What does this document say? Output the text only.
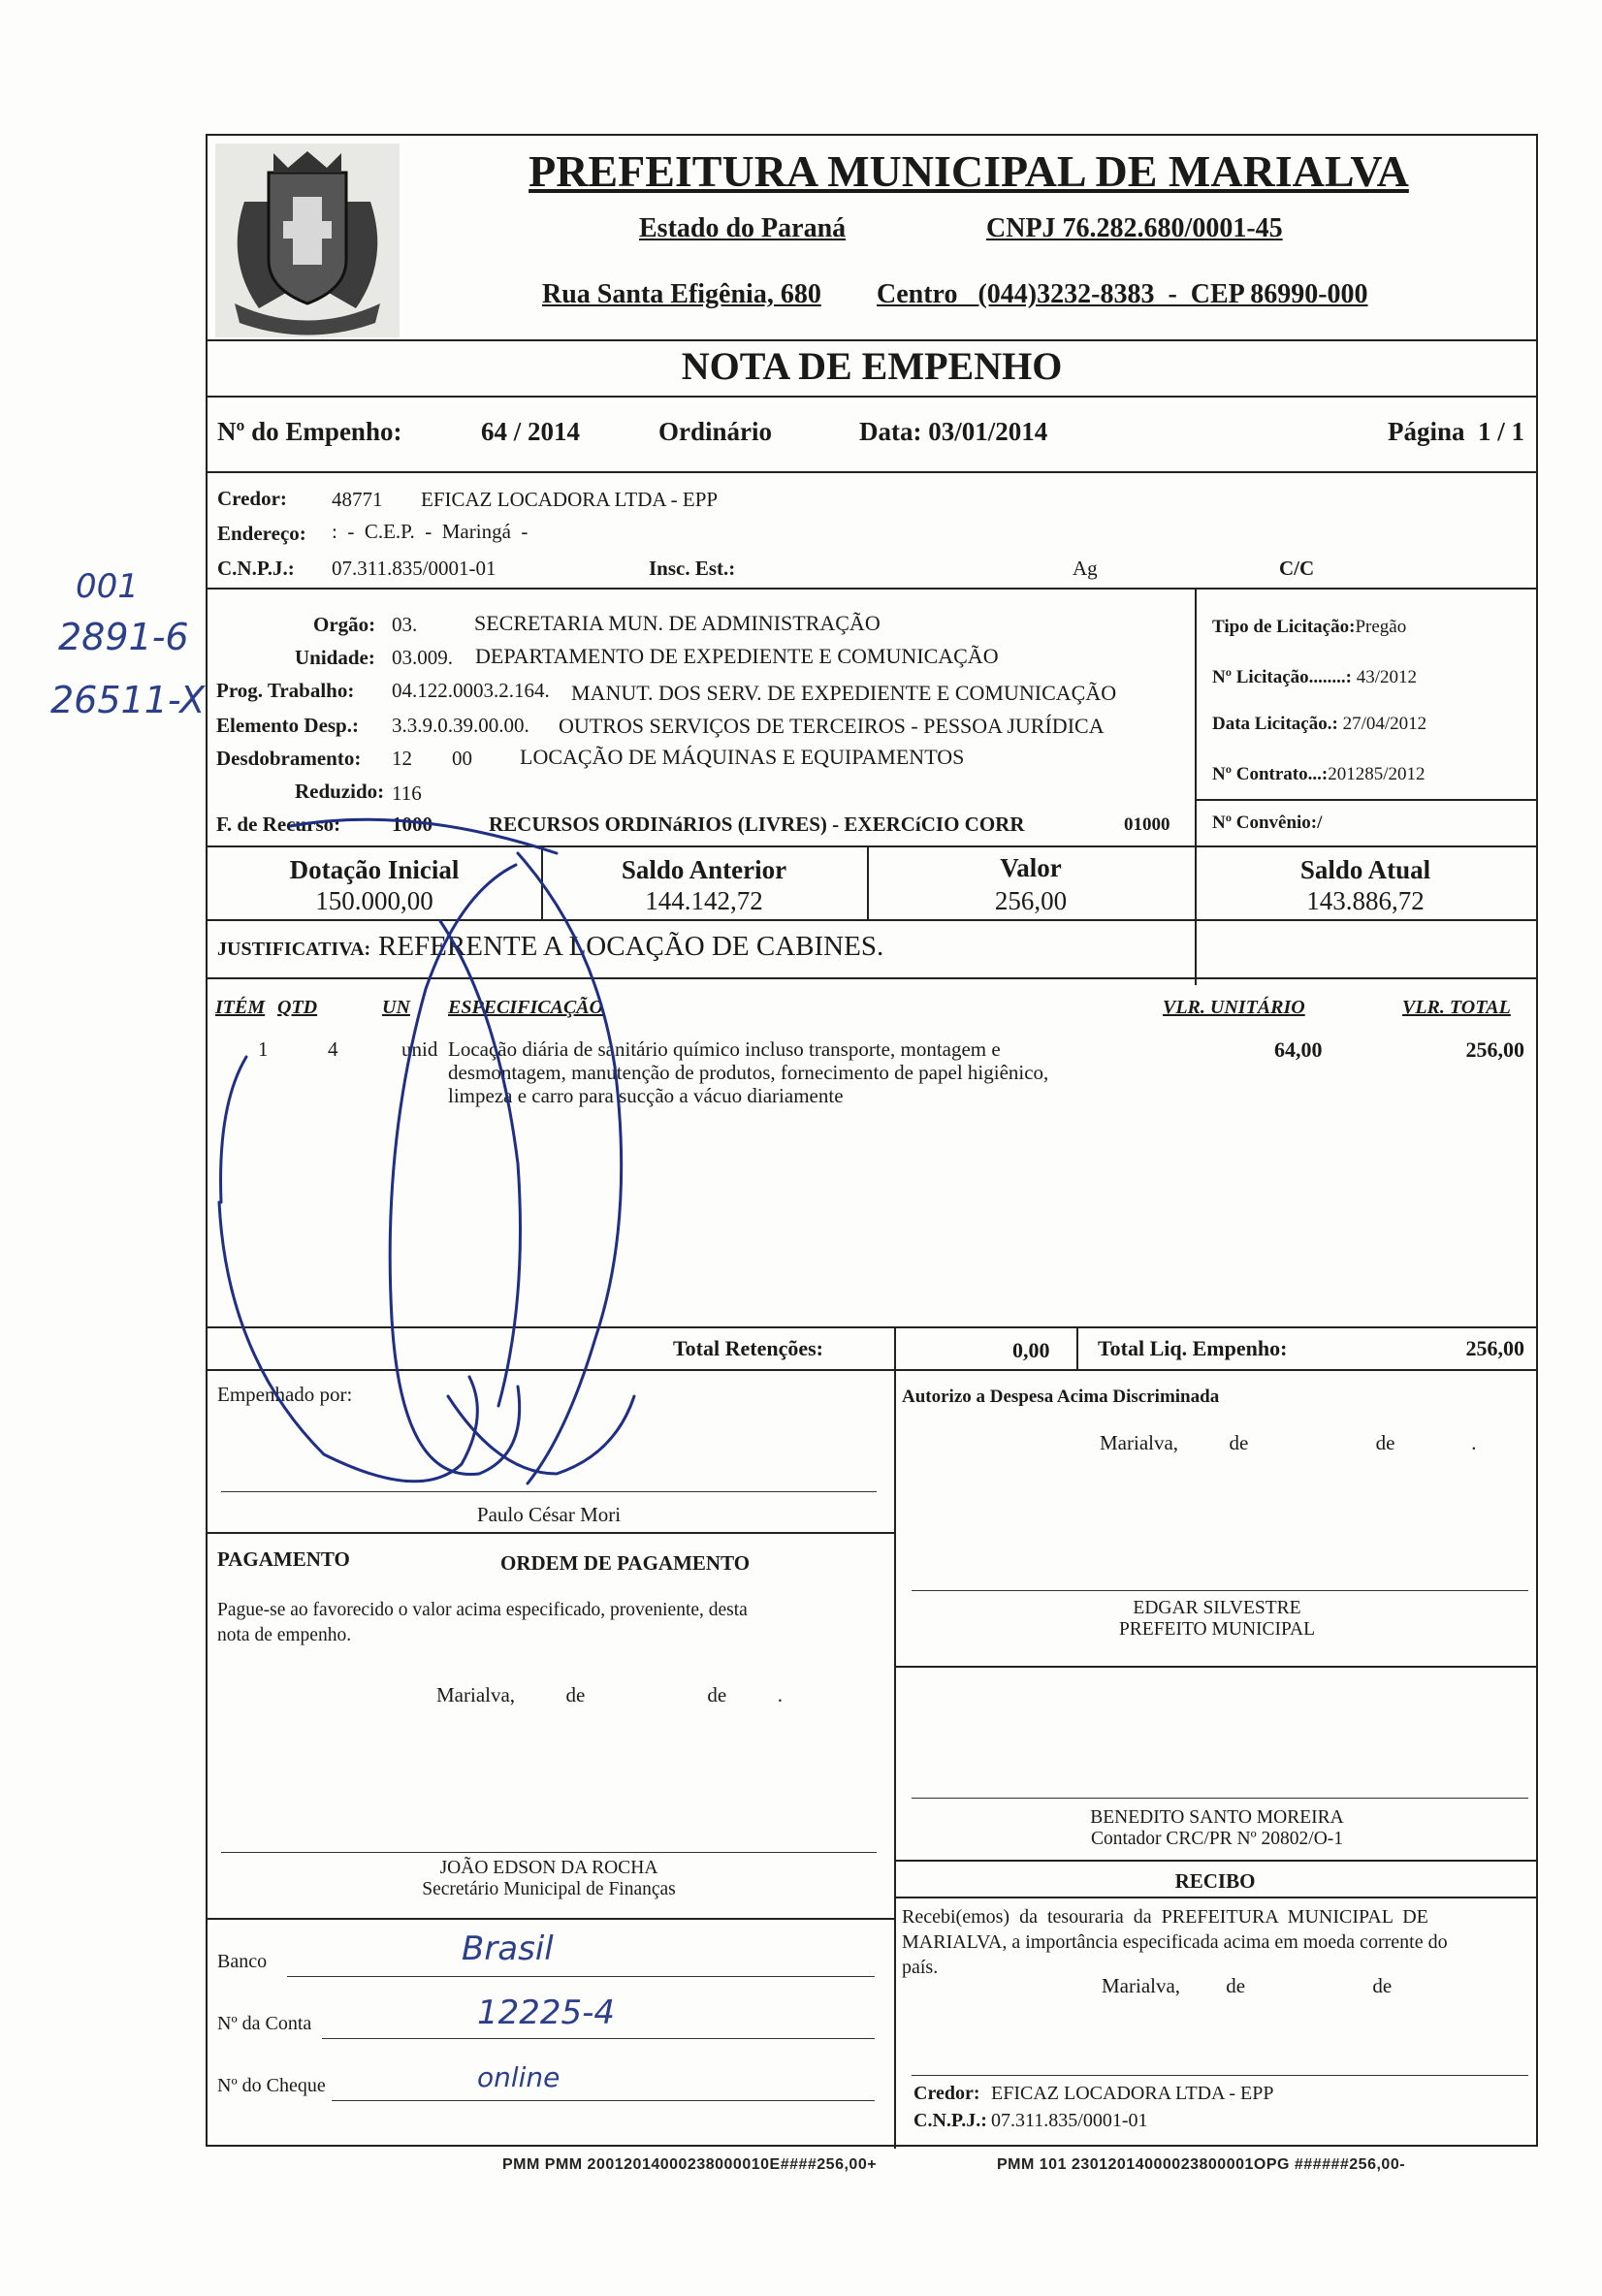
001
2891-6
26511-X
PREFEITURA MUNICIPAL DE MARIALVA
Estado do Paraná	CNPJ 76.282.680/0001-45
Rua Santa Efigênia, 680 Centro   (044)3232-8383  -  CEP 86990-000
NOTA DE EMPENHO
Nº do Empenho:	64 / 2014	Ordinário	Data: 03/01/2014	Página  1 / 1
Credor: 48771 EFICAZ LOCADORA LTDA - EPP
Endereço: :  -  C.E.P.  -  Maringá  -
C.N.P.J.: 07.311.835/0001-01	Insc. Est.:	Ag	C/C
Orgão: 03.	SECRETARIA MUN. DE ADMINISTRAÇÃO
Unidade: 03.009. DEPARTAMENTO DE EXPEDIENTE E COMUNICAÇÃO
Prog. Trabalho: 04.122.0003.2.164. MANUT. DOS SERV. DE EXPEDIENTE E COMUNICAÇÃO
Elemento Desp.: 3.3.9.0.39.00.00. OUTROS SERVIÇOS DE TERCEIROS - PESSOA JURÍDICA
Desdobramento: 12 00 LOCAÇÃO DE MÁQUINAS E EQUIPAMENTOS
Reduzido: 116
F. de Recurso:	1000	RECURSOS ORDINáRIOS (LIVRES) - EXERCíCIO CORR	01000
Tipo de Licitação:Pregão
Nº Licitação........: 43/2012
Data Licitação.: 27/04/2012
Nº Contrato...:201285/2012
Nº Convênio:/
Dotação Inicial
150.000,00
Saldo Anterior
144.142,72
Valor
256,00
Saldo Atual
143.886,72
JUSTIFICATIVA: REFERENTE A LOCAÇÃO DE CABINES.
ITÉM QTD	UN ESPECIFICAÇÃO	VLR. UNITÁRIO	VLR. TOTAL
1	4	unid Locação diária de sanitário químico incluso transporte, montagem e
desmontagem, manutenção de produtos, fornecimento de papel higiênico,
limpeza e carro para sucção a vácuo diariamente
64,00	256,00
Total Retenções:	0,00 Total Liq. Empenho:	256,00
Empenhado por:
Paulo César Mori
Autorizo a Despesa Acima Discriminada
Marialva,          de                         de               .
PAGAMENTO	ORDEM DE PAGAMENTO
Pague-se ao favorecido o valor acima especificado, proveniente, desta
nota de empenho.
Marialva,          de                        de          .
EDGAR SILVESTRE
PREFEITO MUNICIPAL
BENEDITO SANTO MOREIRA
Contador CRC/PR Nº 20802/O-1
JOÃO EDSON DA ROCHA
Secretário Municipal de Finanças
Banco	Brasil
Nº da Conta	12225-4
Nº do Cheque	online
RECIBO
Recebi(emos)  da  tesouraria  da  PREFEITURA  MUNICIPAL  DE
MARIALVA, a importância especificada acima em moeda corrente do
país.
Marialva,         de                         de
Credor: EFICAZ LOCADORA LTDA - EPP
C.N.P.J.: 07.311.835/0001-01
PMM PMM 20012014000238000010E####256,00+	PMM 101 23012014000023800001OPG ######256,00-
